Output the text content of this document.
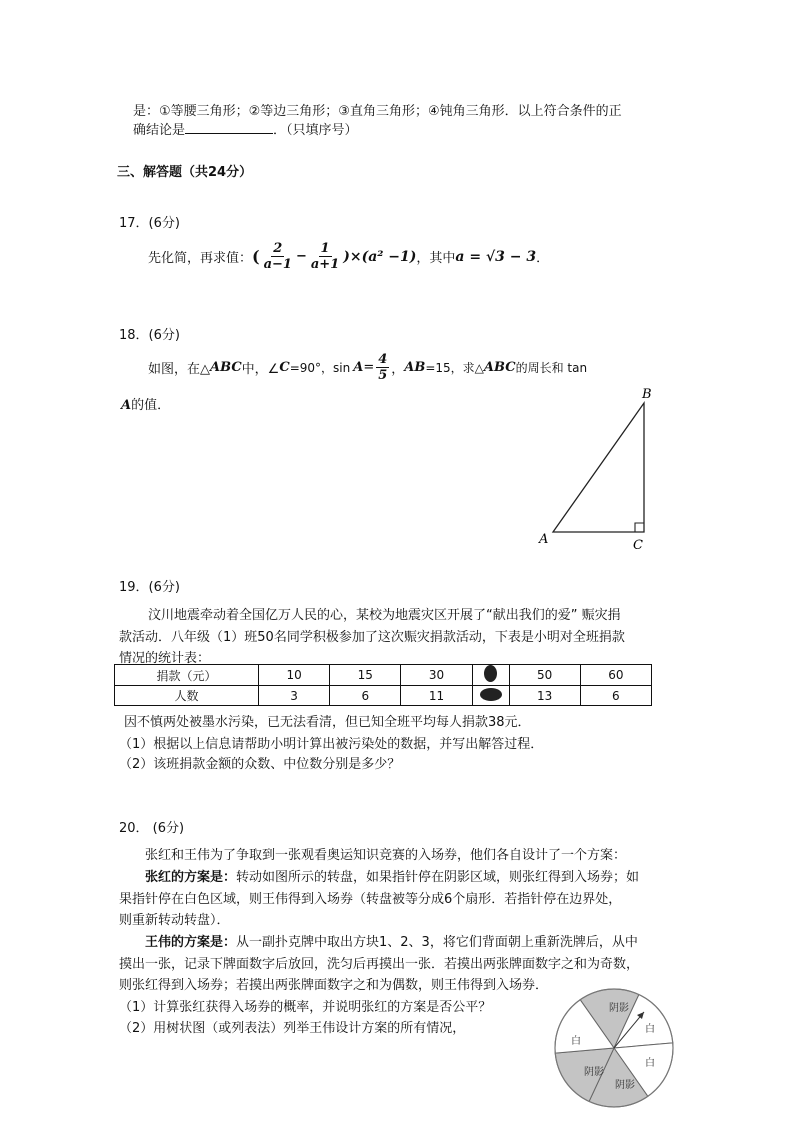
是：①等腰三角形；②等边三角形；③直角三角形；④钝角三角形．以上符合条件的正
确结论是	．（只填序号）
三、解答题（共24分）
17．(6分)
先化简，再求值： ( $\frac{2}{a-1} - \frac{1}{a+1} )\times(a^2 -1)$ ，其中 a = √3 − 3 ．
18．(6分)
如图，在△ ABC 中，∠ C =90°，$\sin A = \frac{4}{5}$ ， AB =15，求△ ABC 的周长和 tan
A的值．
B
A	C
19．(6分)
汶川地震牵动着全国亿万人民的心，某校为地震灾区开展了“献出我们的爱” 赈灾捐
款活动．八年级（1）班50名同学积极参加了这次赈灾捐款活动，下表是小明对全班捐款
情况的统计表：
捐款（元）	10	15	30		50	60
人数	3	6	11		13	6
因不慎两处被墨水污染，已无法看清，但已知全班平均每人捐款38元．
（1）根据以上信息请帮助小明计算出被污染处的数据，并写出解答过程．
（2）该班捐款金额的众数、中位数分别是多少？
20． (6分)
张红和王伟为了争取到一张观看奥运知识竞赛的入场券，他们各自设计了一个方案：
张红的方案是：转动如图所示的转盘，如果指针停在阴影区域，则张红得到入场券；如
果指针停在白色区域，则王伟得到入场券（转盘被等分成6个扇形．若指针停在边界处，
则重新转动转盘）．
王伟的方案是：从一副扑克牌中取出方块1、2、3，将它们背面朝上重新洗牌后，从中
摸出一张，记录下牌面数字后放回，洗匀后再摸出一张．若摸出两张牌面数字之和为奇数，
则张红得到入场券；若摸出两张牌面数字之和为偶数，则王伟得到入场券．
（1）计算张红获得入场券的概率，并说明张红的方案是否公平？
（2）用树状图（或列表法）列举王伟设计方案的所有情况，
阴影
白
白
阴影
阴影
白
